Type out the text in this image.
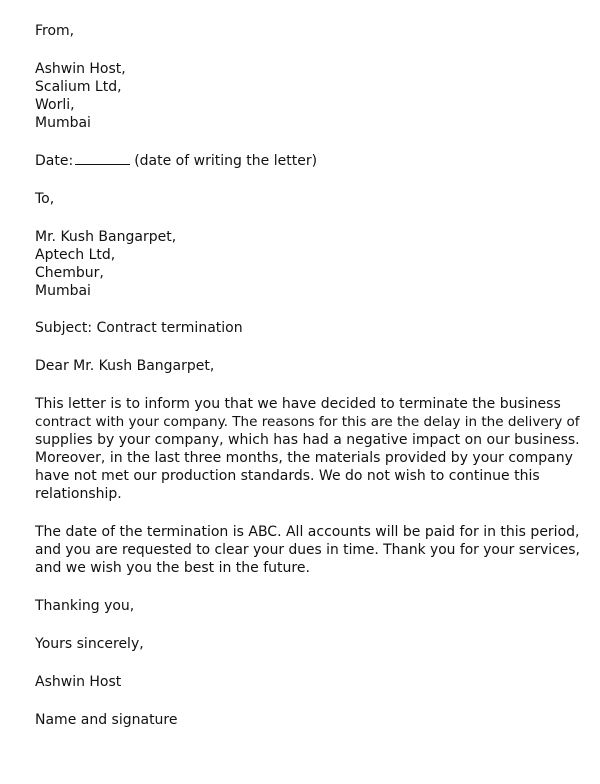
From,
Ashwin Host,
Scalium Ltd,
Worli,
Mumbai
Date:	(date of writing the letter)
To,
Mr. Kush Bangarpet,
Aptech Ltd,
Chembur,
Mumbai
Subject: Contract termination
Dear Mr. Kush Bangarpet,
This letter is to inform you that we have decided to terminate the business
contract with your company. The reasons for this are the delay in the delivery of
supplies by your company, which has had a negative impact on our business.
Moreover, in the last three months, the materials provided by your company
have not met our production standards. We do not wish to continue this
relationship.
The date of the termination is ABC. All accounts will be paid for in this period,
and you are requested to clear your dues in time. Thank you for your services,
and we wish you the best in the future.
Thanking you,
Yours sincerely,
Ashwin Host
Name and signature
